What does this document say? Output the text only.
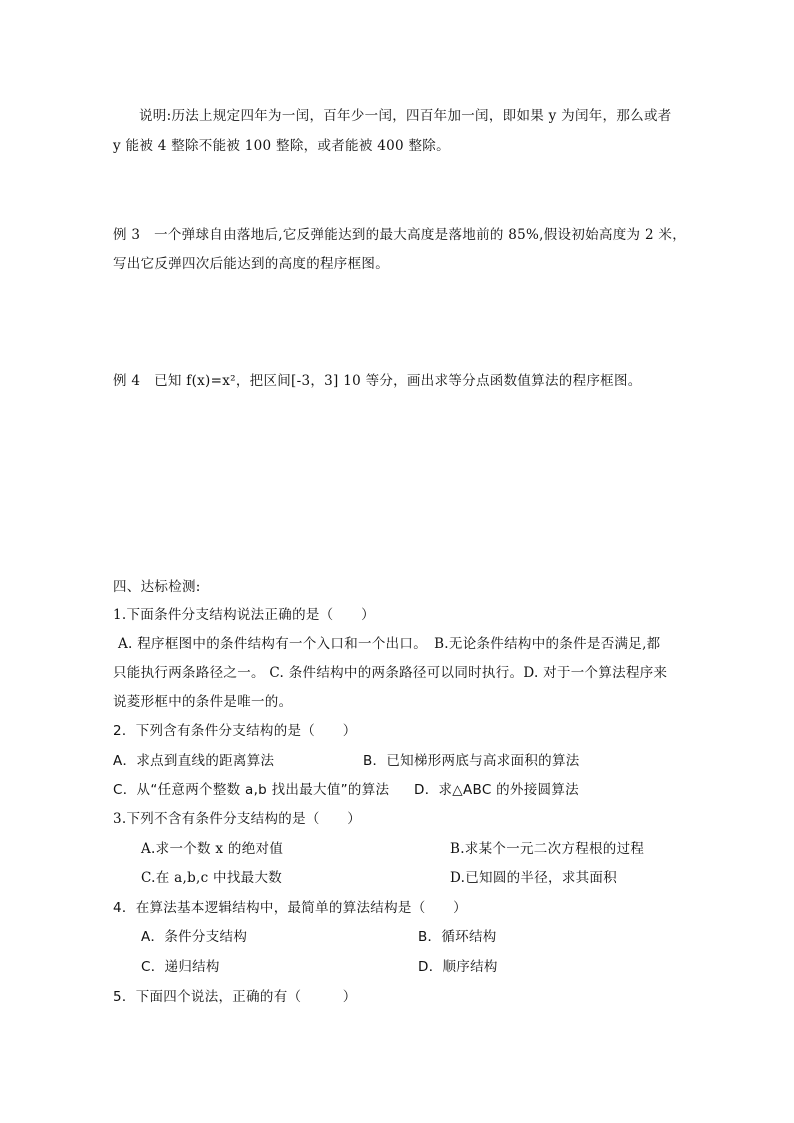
说明:历法上规定四年为一闰，百年少一闰，四百年加一闰，即如果 y 为闰年，那么或者
y 能被 4 整除不能被 100 整除，或者能被 400 整除。
例 3　一个弹球自由落地后,它反弹能达到的最大高度是落地前的 85%,假设初始高度为 2 米，
写出它反弹四次后能达到的高度的程序框图。
例 4　已知 f(x)=x²，把区间[-3，3] 10 等分，画出求等分点函数值算法的程序框图。
四、达标检测:
1.下面条件分支结构说法正确的是（　　）
A. 程序框图中的条件结构有一个入口和一个出口。　B.无论条件结构中的条件是否满足,都
只能执行两条路径之一。 C. 条件结构中的两条路径可以同时执行。D. 对于一个算法程序来
说菱形框中的条件是唯一的。
2．下列含有条件分支结构的是（　　）
A．求点到直线的距离算法	B．已知梯形两底与高求面积的算法
C．从“任意两个整数 a,b 找出最大值”的算法 D．求△ABC 的外接圆算法
3.下列不含有条件分支结构的是（　　）
A.求一个数 x 的绝对值	B.求某个一元二次方程根的过程
C.在 a,b,c 中找最大数	D.已知圆的半径，求其面积
4．在算法基本逻辑结构中，最简单的算法结构是（　　）
A．条件分支结构	B．循环结构
C．递归结构	D．顺序结构
5．下面四个说法，正确的有（　　　）
